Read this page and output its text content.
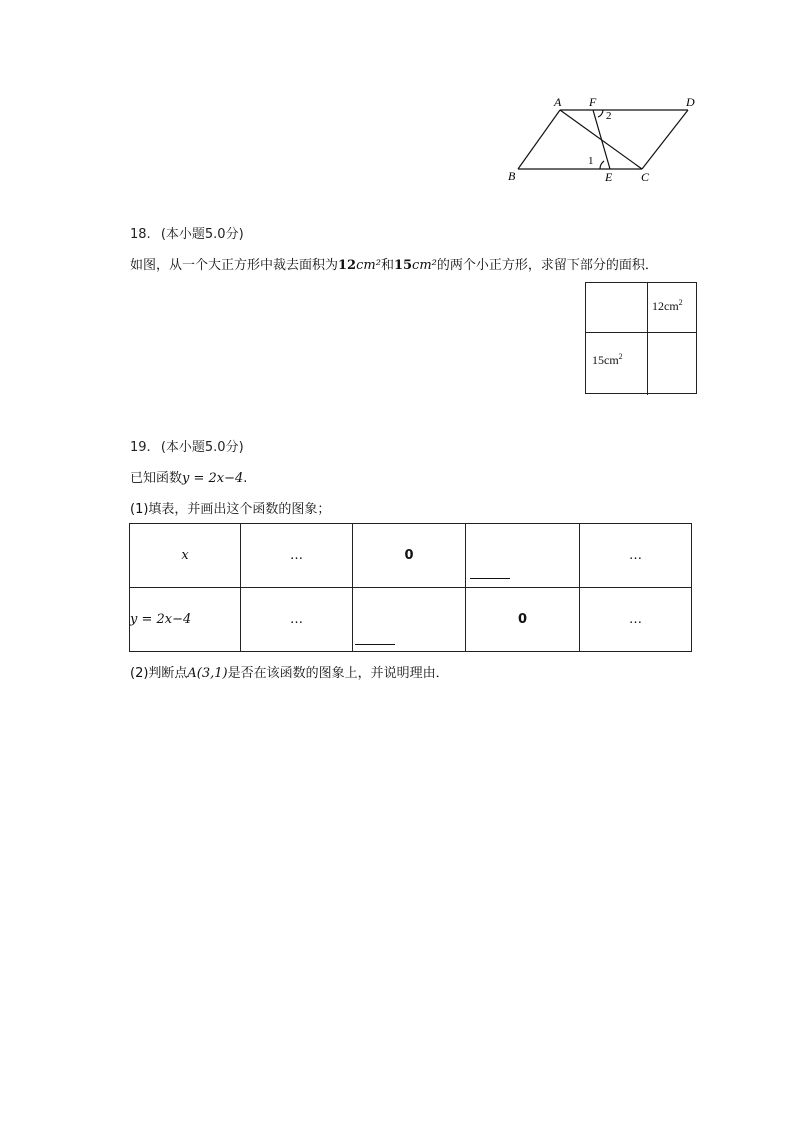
A F	D
B	E C
1
2
18. (本小题5.0分)
如图，从一个大正方形中裁去面积为12cm²和15cm²的两个小正方形，求留下部分的面积．
$12cm^2$
$15cm^2$
19. (本小题5.0分)
已知函数y = 2x−4.
(1)填表，并画出这个函数的图象；
x	…	0		…
y = 2x−4	…		0	…
(2)判断点A(3,1)是否在该函数的图象上，并说明理由．
